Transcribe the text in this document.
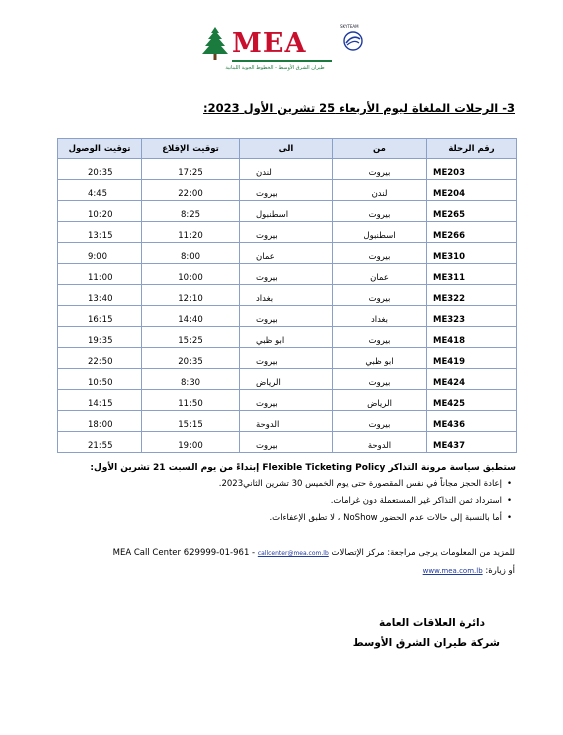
MEA
طيران الشرق الأوسط - الخطوط الجوية اللبنانية
SKYTEAM
3- الرحلات الملغاة ليوم الأربعاء 25 تشرين الأول 2023:
توقيت الوصول	توقيت الإقلاع	الى	من	رقم الرحلة
20:35	17:25	لندن	بيروت	ME203
4:45	22:00	بيروت	لندن	ME204
10:20	8:25	اسطنبول	بيروت	ME265
13:15	11:20	بيروت	اسطنبول	ME266
9:00	8:00	عمان	بيروت	ME310
11:00	10:00	بيروت	عمان	ME311
13:40	12:10	بغداد	بيروت	ME322
16:15	14:40	بيروت	بغداد	ME323
19:35	15:25	ابو ظبي	بيروت	ME418
22:50	20:35	بيروت	ابو ظبي	ME419
10:50	8:30	الرياض	بيروت	ME424
14:15	11:50	بيروت	الرياض	ME425
18:00	15:15	الدوحة	بيروت	ME436
21:55	19:00	بيروت	الدوحة	ME437
ستطبق سياسة مرونة التذاكر Flexible Ticketing Policy إبتداءً من يوم السبت 21 تشرين الأول:
•إعادة الحجز مجاناً في نفس المقصورة حتى يوم الخميس 30 تشرين الثاني2023.
•استرداد ثمن التذاكر غير المستعملة دون غرامات.
•أما بالنسبة إلى حالات عدم الحضور NoShow ، لا تطبق الإعفاءات.
للمزيد من المعلومات يرجى مراجعة: مركز الإتصالات MEA Call Center 629999-01-961 - callcenter@mea.com.lb
أو زيارة: www.mea.com.lb
دائرة العلاقات العامة
شركة طيران الشرق الأوسط
